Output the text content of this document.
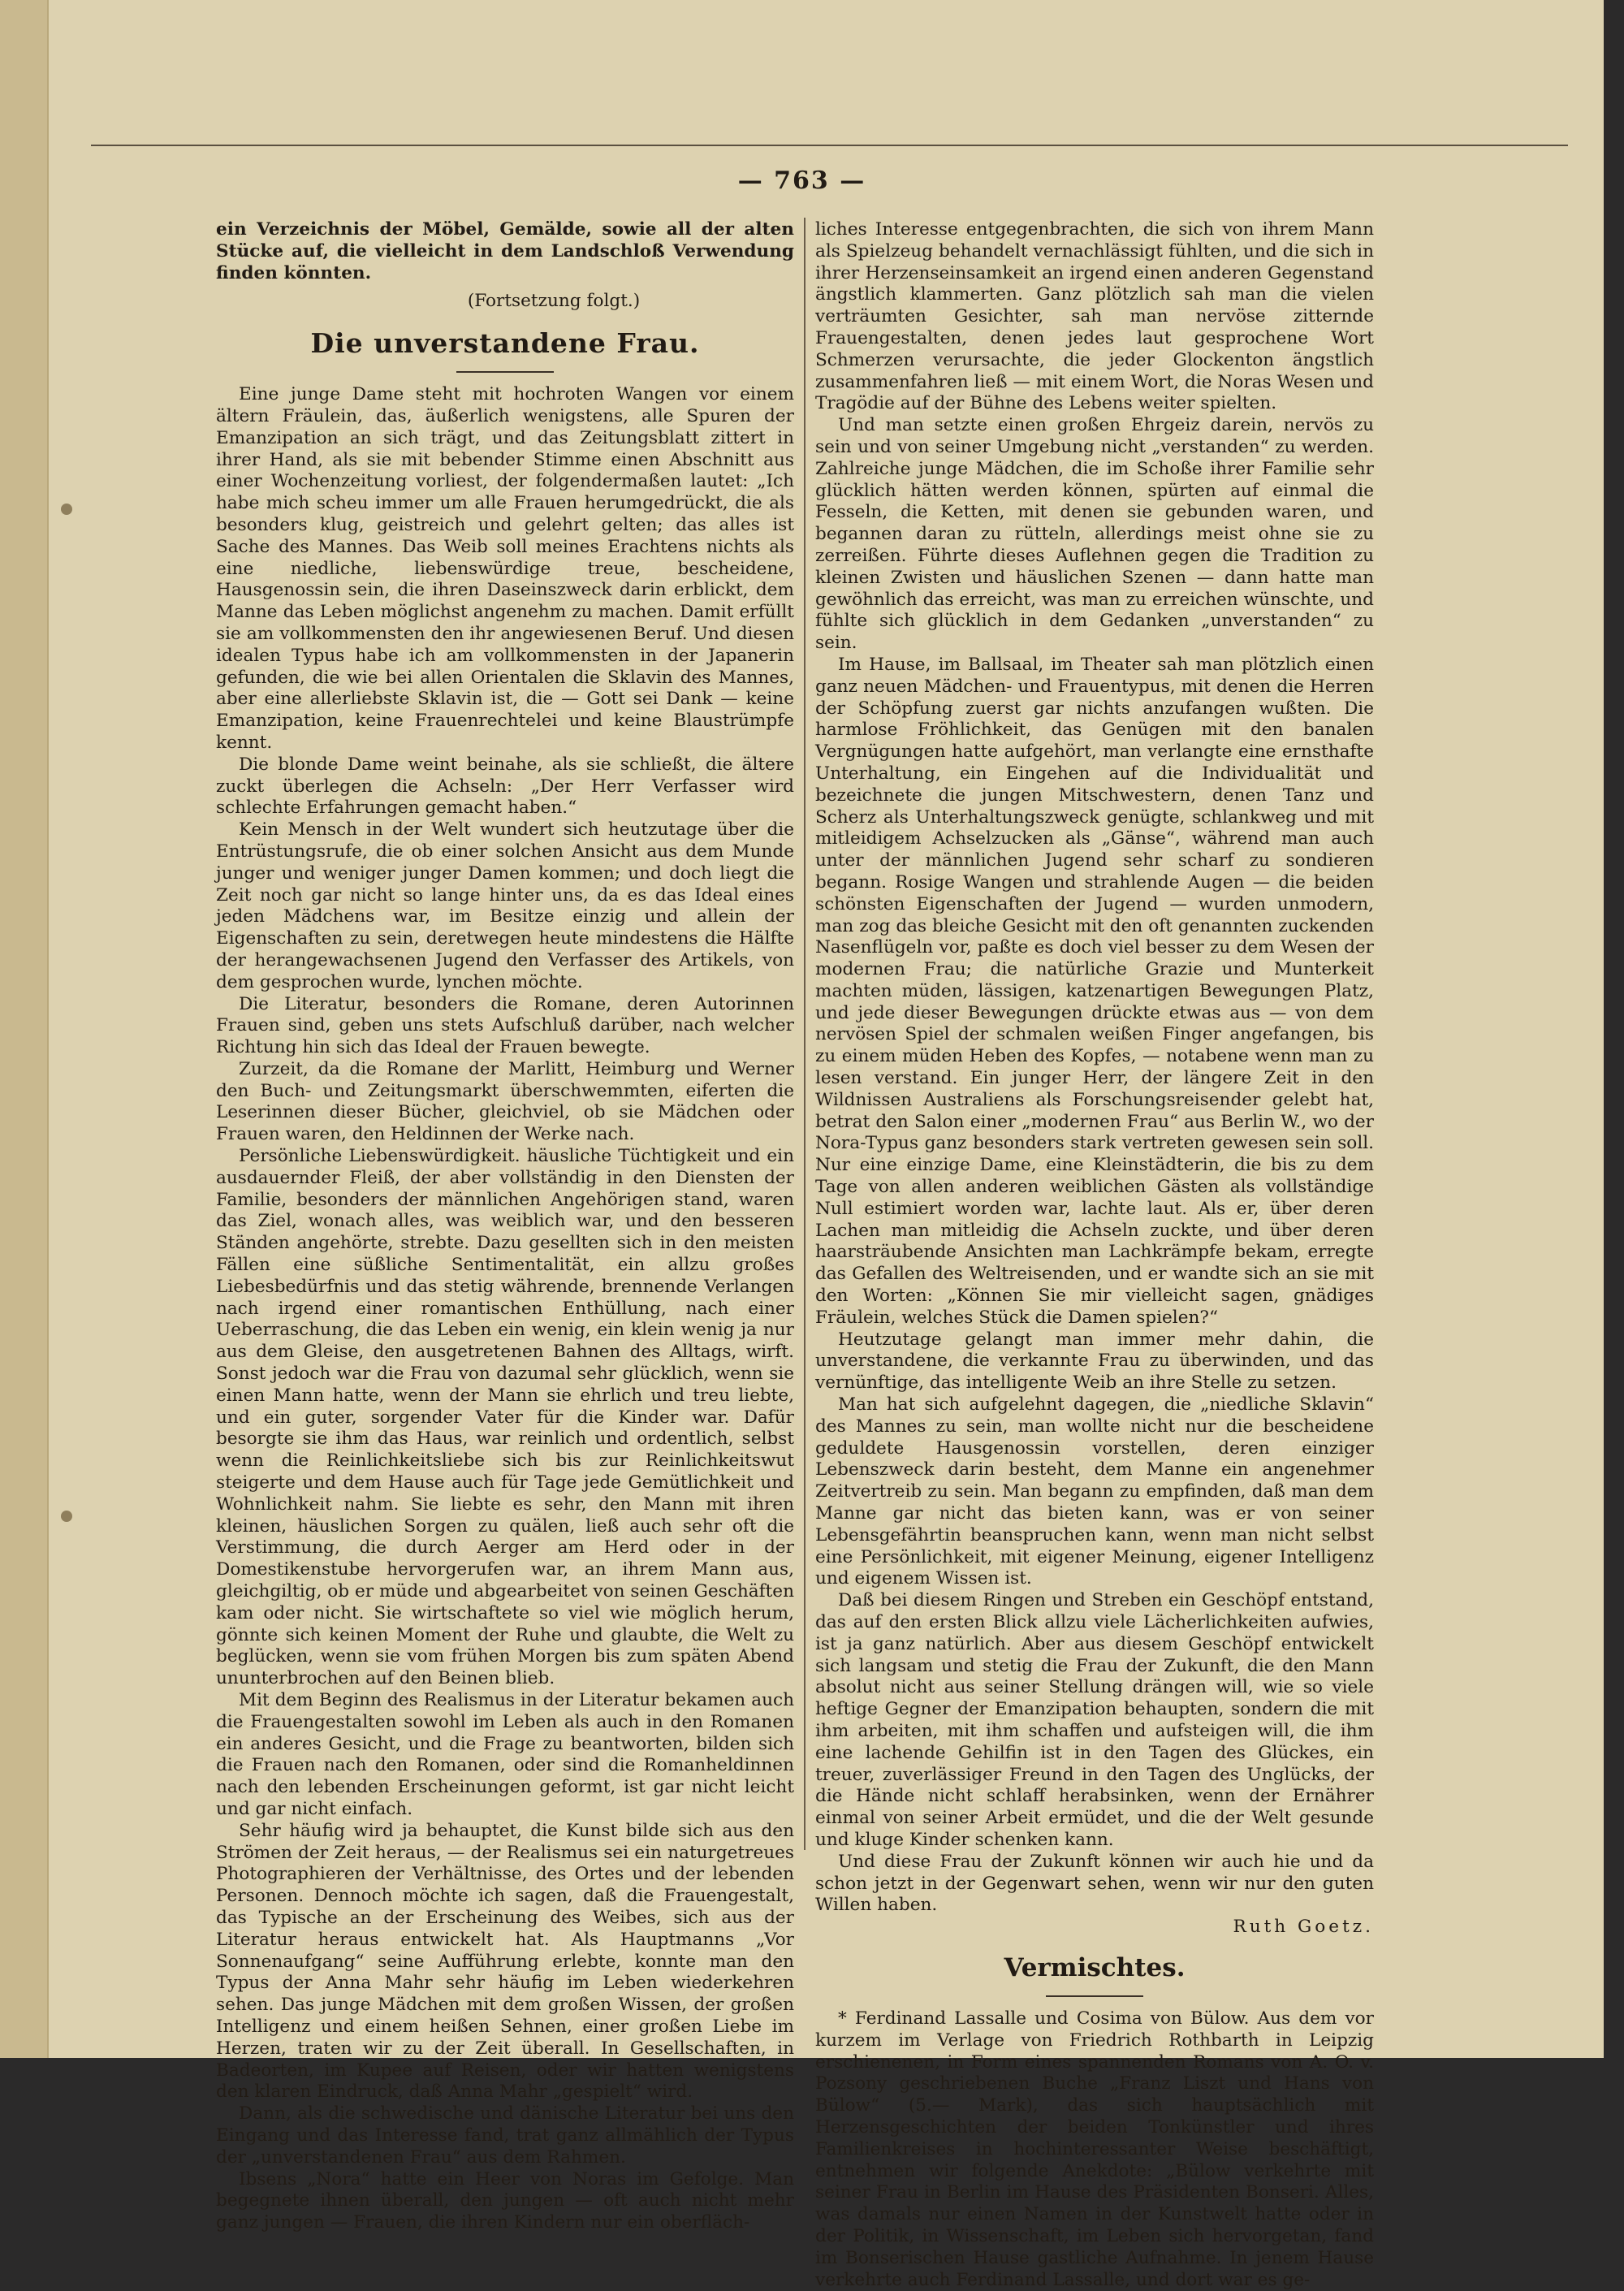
— 763 —

ein Verzeichnis der Möbel, Gemälde, sowie all der alten Stücke auf, die vielleicht in dem Landschloß Verwendung finden könnten.

(Fortsetzung folgt.)

Die unverstandene Frau.

Eine junge Dame steht mit hochroten Wangen vor einem ältern Fräulein, das, äußerlich wenigstens, alle Spuren der Emanzipation an sich trägt, und das Zeitungsblatt zittert in ihrer Hand, als sie mit bebender Stimme einen Abschnitt aus einer Wochenzeitung vorliest, der folgendermaßen lautet: „Ich habe mich scheu immer um alle Frauen herumgedrückt, die als besonders klug, geistreich und gelehrt gelten; das alles ist Sache des Mannes. Das Weib soll meines Erachtens nichts als eine niedliche, liebenswürdige treue, bescheidene, Hausgenossin sein, die ihren Daseinszweck darin erblickt, dem Manne das Leben möglichst angenehm zu machen. Damit erfüllt sie am vollkommensten den ihr angewiesenen Beruf. Und diesen idealen Typus habe ich am vollkommensten in der Japanerin gefunden, die wie bei allen Orientalen die Sklavin des Mannes, aber eine allerliebste Sklavin ist, die — Gott sei Dank — keine Emanzipation, keine Frauenrechtelei und keine Blaustrümpfe kennt.

Die blonde Dame weint beinahe, als sie schließt, die ältere zuckt überlegen die Achseln: „Der Herr Verfasser wird schlechte Erfahrungen gemacht haben.“

Kein Mensch in der Welt wundert sich heutzutage über die Entrüstungsrufe, die ob einer solchen Ansicht aus dem Munde junger und weniger junger Damen kommen; und doch liegt die Zeit noch gar nicht so lange hinter uns, da es das Ideal eines jeden Mädchens war, im Besitze einzig und allein der Eigenschaften zu sein, deretwegen heute mindestens die Hälfte der herangewachsenen Jugend den Verfasser des Artikels, von dem gesprochen wurde, lynchen möchte.

Die Literatur, besonders die Romane, deren Autorinnen Frauen sind, geben uns stets Aufschluß darüber, nach welcher Richtung hin sich das Ideal der Frauen bewegte.

Zurzeit, da die Romane der Marlitt, Heimburg und Werner den Buch- und Zeitungsmarkt überschwemmten, eiferten die Leserinnen dieser Bücher, gleichviel, ob sie Mädchen oder Frauen waren, den Heldinnen der Werke nach.

Persönliche Liebenswürdigkeit. häusliche Tüchtigkeit und ein ausdauernder Fleiß, der aber vollständig in den Diensten der Familie, besonders der männlichen Angehörigen stand, waren das Ziel, wonach alles, was weiblich war, und den besseren Ständen angehörte, strebte. Dazu gesellten sich in den meisten Fällen eine süßliche Sentimentalität, ein allzu großes Liebesbedürfnis und das stetig währende, brennende Verlangen nach irgend einer romantischen Enthüllung, nach einer Ueberraschung, die das Leben ein wenig, ein klein wenig ja nur aus dem Gleise, den ausgetretenen Bahnen des Alltags, wirft. Sonst jedoch war die Frau von dazumal sehr glücklich, wenn sie einen Mann hatte, wenn der Mann sie ehrlich und treu liebte, und ein guter, sorgender Vater für die Kinder war. Dafür besorgte sie ihm das Haus, war reinlich und ordentlich, selbst wenn die Reinlichkeitsliebe sich bis zur Reinlichkeitswut steigerte und dem Hause auch für Tage jede Gemütlichkeit und Wohnlichkeit nahm. Sie liebte es sehr, den Mann mit ihren kleinen, häuslichen Sorgen zu quälen, ließ auch sehr oft die Verstimmung, die durch Aerger am Herd oder in der Domestikenstube hervorgerufen war, an ihrem Mann aus, gleichgiltig, ob er müde und abgearbeitet von seinen Geschäften kam oder nicht. Sie wirtschaftete so viel wie möglich herum, gönnte sich keinen Moment der Ruhe und glaubte, die Welt zu beglücken, wenn sie vom frühen Morgen bis zum späten Abend ununterbrochen auf den Beinen blieb.

Mit dem Beginn des Realismus in der Literatur bekamen auch die Frauengestalten sowohl im Leben als auch in den Romanen ein anderes Gesicht, und die Frage zu beantworten, bilden sich die Frauen nach den Romanen, oder sind die Romanheldinnen nach den lebenden Erscheinungen geformt, ist gar nicht leicht und gar nicht einfach.

Sehr häufig wird ja behauptet, die Kunst bilde sich aus den Strömen der Zeit heraus, — der Realismus sei ein naturgetreues Photographieren der Verhältnisse, des Ortes und der lebenden Personen. Dennoch möchte ich sagen, daß die Frauengestalt, das Typische an der Erscheinung des Weibes, sich aus der Literatur heraus entwickelt hat. Als Hauptmanns „Vor Sonnenaufgang“ seine Aufführung erlebte, konnte man den Typus der Anna Mahr sehr häufig im Leben wiederkehren sehen. Das junge Mädchen mit dem großen Wissen, der großen Intelligenz und einem heißen Sehnen, einer großen Liebe im Herzen, traten wir zu der Zeit überall. In Gesellschaften, in Badeorten, im Kupee auf Reisen, oder wir hatten wenigstens den klaren Eindruck, daß Anna Mahr „gespielt“ wird.

Dann, als die schwedische und dänische Literatur bei uns den Eingang und das Interesse fand, trat ganz allmählich der Typus der „unverstandenen Frau“ aus dem Rahmen.

Ibsens „Nora“ hatte ein Heer von Noras im Gefolge. Man begegnete ihnen überall, den jungen — oft auch nicht mehr ganz jungen — Frauen, die ihren Kindern nur ein oberfläch-

liches Interesse entgegenbrachten, die sich von ihrem Mann als Spielzeug behandelt vernachlässigt fühlten, und die sich in ihrer Herzenseinsamkeit an irgend einen anderen Gegenstand ängstlich klammerten. Ganz plötzlich sah man die vielen verträumten Gesichter, sah man nervöse zitternde Frauengestalten, denen jedes laut gesprochene Wort Schmerzen verursachte, die jeder Glockenton ängstlich zusammenfahren ließ — mit einem Wort, die Noras Wesen und Tragödie auf der Bühne des Lebens weiter spielten.

Und man setzte einen großen Ehrgeiz darein, nervös zu sein und von seiner Umgebung nicht „verstanden“ zu werden. Zahlreiche junge Mädchen, die im Schoße ihrer Familie sehr glücklich hätten werden können, spürten auf einmal die Fesseln, die Ketten, mit denen sie gebunden waren, und begannen daran zu rütteln, allerdings meist ohne sie zu zerreißen. Führte dieses Auflehnen gegen die Tradition zu kleinen Zwisten und häuslichen Szenen — dann hatte man gewöhnlich das erreicht, was man zu erreichen wünschte, und fühlte sich glücklich in dem Gedanken „unverstanden“ zu sein.

Im Hause, im Ballsaal, im Theater sah man plötzlich einen ganz neuen Mädchen- und Frauentypus, mit denen die Herren der Schöpfung zuerst gar nichts anzufangen wußten. Die harmlose Fröhlichkeit, das Genügen mit den banalen Vergnügungen hatte aufgehört, man verlangte eine ernsthafte Unterhaltung, ein Eingehen auf die Individualität und bezeichnete die jungen Mitschwestern, denen Tanz und Scherz als Unterhaltungszweck genügte, schlankweg und mit mitleidigem Achselzucken als „Gänse“, während man auch unter der männlichen Jugend sehr scharf zu sondieren begann. Rosige Wangen und strahlende Augen — die beiden schönsten Eigenschaften der Jugend — wurden unmodern, man zog das bleiche Gesicht mit den oft genannten zuckenden Nasenflügeln vor, paßte es doch viel besser zu dem Wesen der modernen Frau; die natürliche Grazie und Munterkeit machten müden, lässigen, katzenartigen Bewegungen Platz, und jede dieser Bewegungen drückte etwas aus — von dem nervösen Spiel der schmalen weißen Finger angefangen, bis zu einem müden Heben des Kopfes, — notabene wenn man zu lesen verstand. Ein junger Herr, der längere Zeit in den Wildnissen Australiens als Forschungsreisender gelebt hat, betrat den Salon einer „modernen Frau“ aus Berlin W., wo der Nora-Typus ganz besonders stark vertreten gewesen sein soll. Nur eine einzige Dame, eine Kleinstädterin, die bis zu dem Tage von allen anderen weiblichen Gästen als vollständige Null estimiert worden war, lachte laut. Als er, über deren Lachen man mitleidig die Achseln zuckte, und über deren haarsträubende Ansichten man Lachkrämpfe bekam, erregte das Gefallen des Weltreisenden, und er wandte sich an sie mit den Worten: „Können Sie mir vielleicht sagen, gnädiges Fräulein, welches Stück die Damen spielen?“

Heutzutage gelangt man immer mehr dahin, die unverstandene, die verkannte Frau zu überwinden, und das vernünftige, das intelligente Weib an ihre Stelle zu setzen.

Man hat sich aufgelehnt dagegen, die „niedliche Sklavin“ des Mannes zu sein, man wollte nicht nur die bescheidene geduldete Hausgenossin vorstellen, deren einziger Lebenszweck darin besteht, dem Manne ein angenehmer Zeitvertreib zu sein. Man begann zu empfinden, daß man dem Manne gar nicht das bieten kann, was er von seiner Lebensgefährtin beanspruchen kann, wenn man nicht selbst eine Persönlichkeit, mit eigener Meinung, eigener Intelligenz und eigenem Wissen ist.

Daß bei diesem Ringen und Streben ein Geschöpf entstand, das auf den ersten Blick allzu viele Lächerlichkeiten aufwies, ist ja ganz natürlich. Aber aus diesem Geschöpf entwickelt sich langsam und stetig die Frau der Zukunft, die den Mann absolut nicht aus seiner Stellung drängen will, wie so viele heftige Gegner der Emanzipation behaupten, sondern die mit ihm arbeiten, mit ihm schaffen und aufsteigen will, die ihm eine lachende Gehilfin ist in den Tagen des Glückes, ein treuer, zuverlässiger Freund in den Tagen des Unglücks, der die Hände nicht schlaff herabsinken, wenn der Ernährer einmal von seiner Arbeit ermüdet, und die der Welt gesunde und kluge Kinder schenken kann.

Und diese Frau der Zukunft können wir auch hie und da schon jetzt in der Gegenwart sehen, wenn wir nur den guten Willen haben.

Ruth Goetz.

Vermischtes.

* Ferdinand Lassalle und Cosima von Bülow. Aus dem vor kurzem im Verlage von Friedrich Rothbarth in Leipzig erschienenen, in Form eines spannenden Romans von A. O. v. Pozsony geschriebenen Buche „Franz Liszt und Hans von Bülow“ (5.— Mark), das sich hauptsächlich mit Herzensgeschichten der beiden Tonkünstler und ihres Familienkreises in hochinteressanter Weise beschäftigt, entnehmen wir folgende Anekdote: „Bülow verkehrte mit seiner Frau in Berlin im Hause des Präsidenten Bonseri. Alles, was damals nur einen Namen in der Kunstwelt hatte oder in der Politik, in Wissenschaft, im Leben sich hervorgetan, fand im Bonserischen Hause gastliche Aufnahme. In jenem Hause verkehrte auch Ferdinand Lassalle, und dort war es ge-
